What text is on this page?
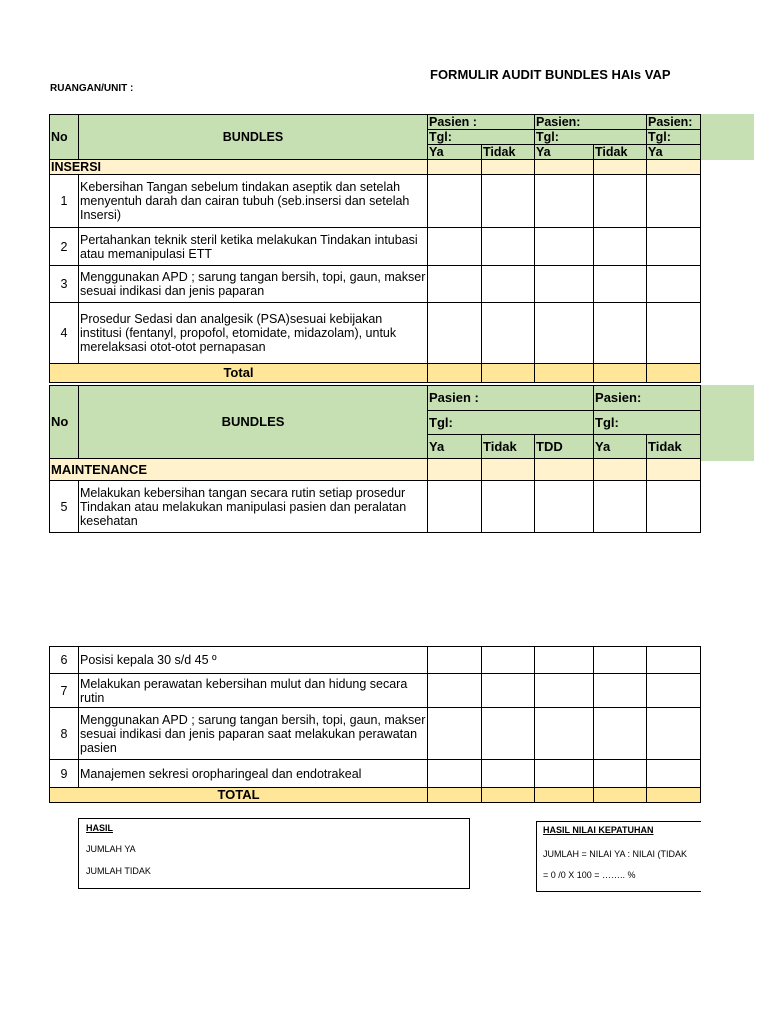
FORMULIR AUDIT BUNDLES HAIs VAP
RUANGAN/UNIT :
No	BUNDLES	Pasien :		Pasien:		Pasien:
		Tgl:		Tgl:		Tgl:
		Ya	Tidak	Ya	Tidak	Ya
INSERSI						
1	Kebersihan Tangan sebelum tindakan aseptik dan setelah menyentuh darah dan cairan tubuh (seb.insersi dan setelah Insersi)					
2	Pertahankan teknik steril ketika melakukan Tindakan intubasi atau memanipulasi ETT					
3	Menggunakan APD ; sarung tangan bersih, topi, gaun, makser sesuai indikasi dan jenis paparan					
4	Prosedur Sedasi dan analgesik (PSA)sesuai kebijakan institusi (fentanyl, propofol, etomidate, midazolam), untuk merelaksasi otot-otot pernapasan					
Total						
No	BUNDLES	Pasien :			Pasien:	
		Tgl:			Tgl:	
		Ya	Tidak	TDD	Ya	Tidak
MAINTENANCE						
5	Melakukan kebersihan tangan secara rutin setiap prosedur Tindakan atau melakukan manipulasi pasien dan peralatan kesehatan					
6	Posisi kepala 30 s/d 45 º					
7	Melakukan perawatan kebersihan mulut dan hidung secara rutin					
8	Menggunakan APD ; sarung tangan bersih, topi, gaun, makser sesuai indikasi dan jenis paparan saat melakukan perawatan pasien					
9	Manajemen sekresi oropharingeal dan endotrakeal					
TOTAL						
HASIL
JUMLAH YA
JUMLAH TIDAK
HASIL NILAI KEPATUHAN
JUMLAH = NILAI YA : NILAI (TIDAK
= 0 /0 X 100 = …….. %
